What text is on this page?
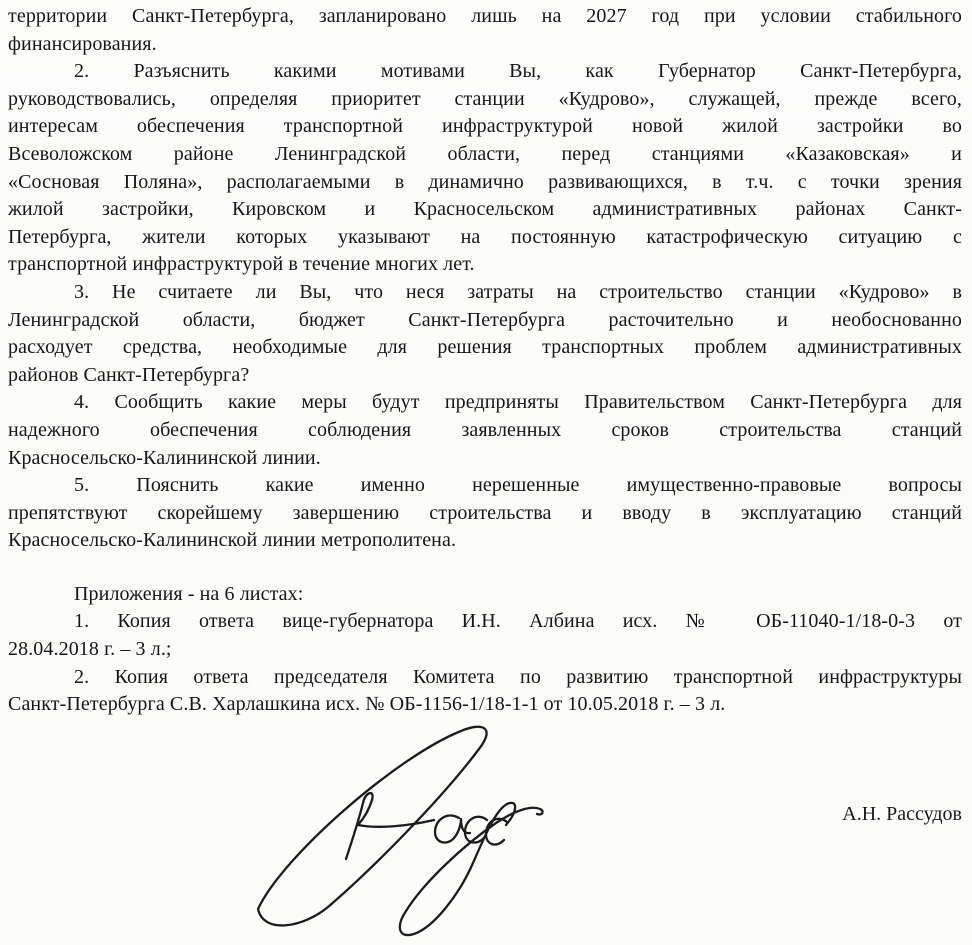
территории Санкт-Петербурга, запланировано лишь на 2027 год при условии стабильного
финансирования.
2. Разъяснить какими мотивами Вы, как Губернатор Санкт-Петербурга,
руководствовались, определяя приоритет станции «Кудрово», служащей, прежде всего,
интересам обеспечения транспортной инфраструктурой новой жилой застройки во
Всеволожском районе Ленинградской области, перед станциями «Казаковская» и
«Сосновая Поляна», располагаемыми в динамично развивающихся, в т.ч. с точки зрения
жилой застройки, Кировском и Красносельском административных районах Санкт-
Петербурга, жители которых указывают на постоянную катастрофическую ситуацию с
транспортной инфраструктурой в течение многих лет.
3. Не считаете ли Вы, что неся затраты на строительство станции «Кудрово» в
Ленинградской области, бюджет Санкт-Петербурга расточительно и необоснованно
расходует средства, необходимые для решения транспортных проблем административных
районов Санкт-Петербурга?
4. Сообщить какие меры будут предприняты Правительством Санкт-Петербурга для
надежного обеспечения соблюдения заявленных сроков строительства станций
Красносельско-Калининской линии.
5. Пояснить какие именно нерешенные имущественно-правовые вопросы
препятствуют скорейшему завершению строительства и вводу в эксплуатацию станций
Красносельско-Калининской линии метрополитена.
Приложения - на 6 листах:
1. Копия ответа вице-губернатора И.Н. Албина исх. № ОБ-11040-1/18-0-3 от
28.04.2018 г. – 3 л.;
2. Копия ответа председателя Комитета по развитию транспортной инфраструктуры
Санкт-Петербурга С.В. Харлашкина исх. № ОБ-1156-1/18-1-1 от 10.05.2018 г. – 3 л.
А.Н. Рассудов
